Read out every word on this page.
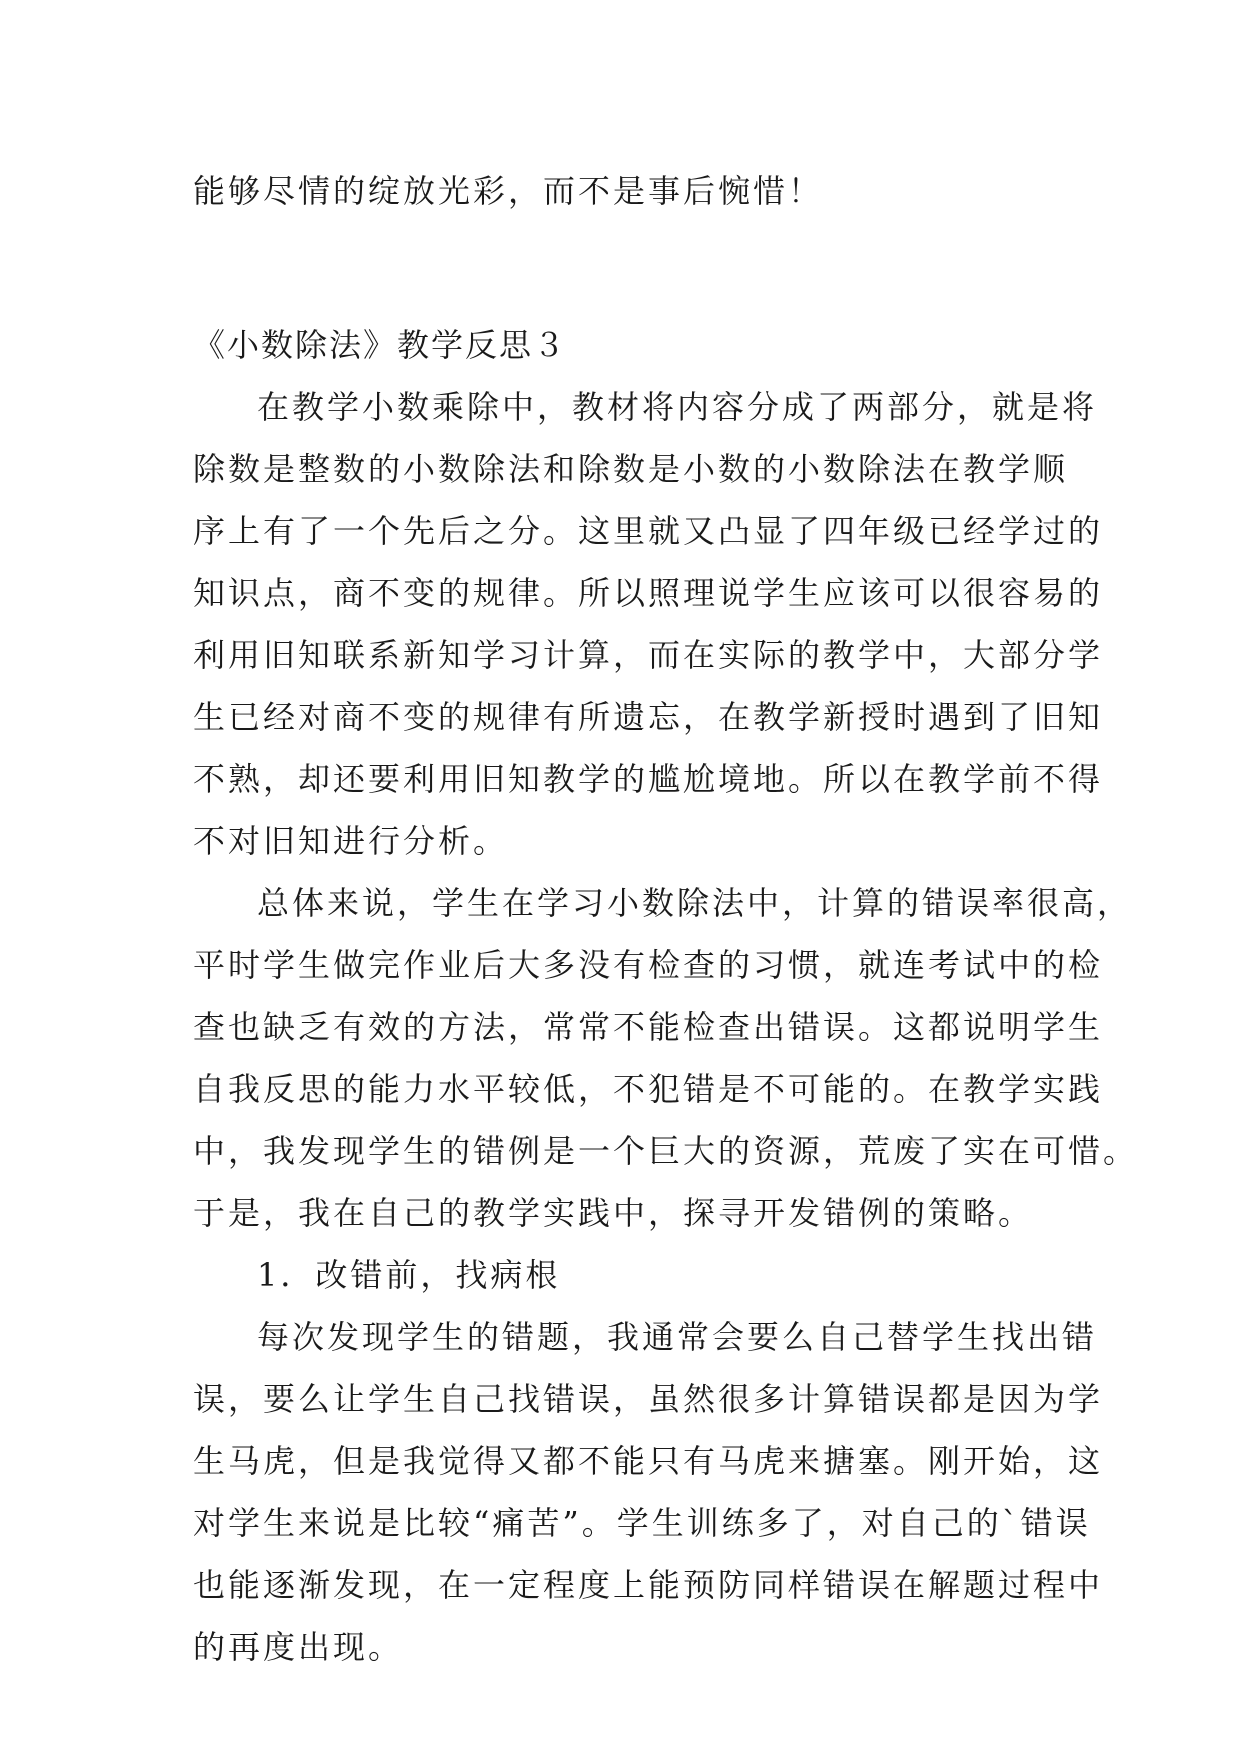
能够尽情的绽放光彩，而不是事后惋惜！
《小数除法》教学反思３
在教学小数乘除中，教材将内容分成了两部分，就是将
除数是整数的小数除法和除数是小数的小数除法在教学顺
序上有了一个先后之分。这里就又凸显了四年级已经学过的
知识点，商不变的规律。所以照理说学生应该可以很容易的
利用旧知联系新知学习计算，而在实际的教学中，大部分学
生已经对商不变的规律有所遗忘，在教学新授时遇到了旧知
不熟，却还要利用旧知教学的尴尬境地。所以在教学前不得
不对旧知进行分析。
总体来说，学生在学习小数除法中，计算的错误率很高，
平时学生做完作业后大多没有检查的习惯，就连考试中的检
查也缺乏有效的方法，常常不能检查出错误。这都说明学生
自我反思的能力水平较低，不犯错是不可能的。在教学实践
中，我发现学生的错例是一个巨大的资源，荒废了实在可惜。
于是，我在自己的教学实践中，探寻开发错例的策略。
1．改错前，找病根
每次发现学生的错题，我通常会要么自己替学生找出错
误，要么让学生自己找错误，虽然很多计算错误都是因为学
生马虎，但是我觉得又都不能只有马虎来搪塞。刚开始，这
对学生来说是比较“痛苦”。学生训练多了，对自己的`错误
也能逐渐发现，在一定程度上能预防同样错误在解题过程中
的再度出现。
